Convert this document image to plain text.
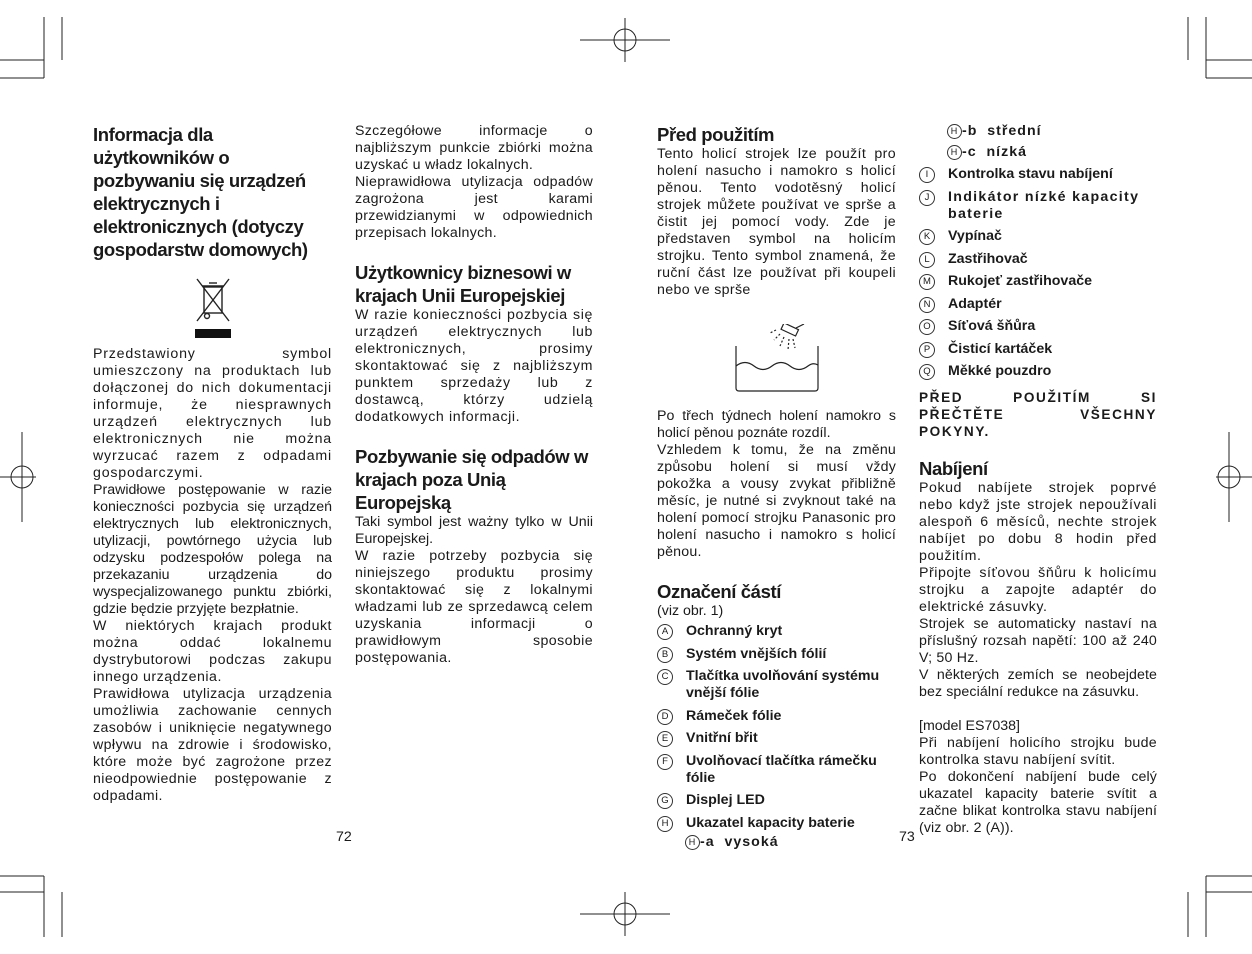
Informacja dla użytkowników o pozbywaniu się urządzeń elektrycznych i elektronicznych (dotyczy gospodarstw domowych)

Przedstawiony symbol umieszczony na produktach lub dołączonej do nich dokumentacji informuje, że niesprawnych urządzeń elektrycznych lub elektronicznych nie można wyrzucać razem z odpadami gospodarczymi.

Prawidłowe postępowanie w razie konieczności pozbycia się urządzeń elektrycznych lub elektronicznych, utylizacji, powtórnego użycia lub odzysku podzespołów polega na przekazaniu urządzenia do wyspecjalizowanego punktu zbiórki, gdzie będzie przyjęte bezpłatnie.

W niektórych krajach produkt można oddać lokalnemu dystrybutorowi podczas zakupu innego urządzenia.

Prawidłowa utylizacja urządzenia umożliwia zachowanie cennych zasobów i uniknięcie negatywnego wpływu na zdrowie i środowisko, które może być zagrożone przez nieodpowiednie postępowanie z odpadami.

Szczegółowe informacje o najbliższym punkcie zbiórki można uzyskać u władz lokalnych.

Nieprawidłowa utylizacja odpadów zagrożona jest karami przewidzianymi w odpowiednich przepisach lokalnych.

Użytkownicy biznesowi w krajach Unii Europejskiej

W razie konieczności pozbycia się urządzeń elektrycznych lub elektronicznych, prosimy skontaktować się z najbliższym punktem sprzedaży lub z dostawcą, którzy udzielą dodatkowych informacji.

Pozbywanie się odpadów w krajach poza Unią Europejską

Taki symbol jest ważny tylko w Unii Europejskej.

W razie potrzeby pozbycia się niniejszego produktu prosimy skontaktować się z lokalnymi władzami lub ze sprzedawcą celem uzyskania informacji o prawidłowym sposobie postępowania.

72
Před použitím

Tento holicí strojek lze použít pro holení nasucho i namokro s holicí pěnou. Tento vodotěsný holicí strojek můžete používat ve sprše a čistit jej pomocí vody. Zde je představen symbol na holicím strojku. Tento symbol znamená, že ruční část lze používat při koupeli nebo ve sprše

Po třech týdnech holení namokro s holicí pěnou poznáte rozdíl.

Vzhledem k tomu, že na změnu způsobu holení si musí vždy pokožka a vousy zvykat přibližně měsíc, je nutné si zvyknout také na holení pomocí strojku Panasonic pro holení nasucho i namokro s holicí pěnou.

Označení částí

(viz obr. 1)

A	Ochranný kryt
B	Systém vnějších fólií
C	Tlačítka uvolňování systému vnější fólie
D	Rámeček fólie
E	Vnitřní břit
F	Uvolňovací tlačítka rámečku fólie
G	Displej LED
H	Ukazatel kapacity baterie
H -a  vysoká	73
H -b  střední
H -c  nízká
I	Kontrolka stavu nabíjení
J	Indikátor nízké kapacity baterie
K	Vypínač
L	Zastřihovač
M Rukojeť zastřihovače
N	Adaptér
O	Síťová šňůra
P	Čisticí kartáček
Q	Měkké pouzdro

PŘED POUŽITÍM SI PŘEČTĚTE VŠECHNY POKYNY.

Nabíjení

Pokud nabíjete strojek poprvé nebo když jste strojek nepoužívali alespoň 6 měsíců, nechte strojek nabíjet po dobu 8 hodin před použitím.

Připojte síťovou šňůru k holicímu strojku a zapojte adaptér do elektrické zásuvky.

Strojek se automaticky nastaví na příslušný rozsah napětí: 100 až 240 V; 50 Hz.

V některých zemích se neobejdete bez speciální redukce na zásuvku.

[model ES7038]

Při nabíjení holicího strojku bude kontrolka stavu nabíjení svítit.

Po dokončení nabíjení bude celý ukazatel kapacity baterie svítit a začne blikat kontrolka stavu nabíjení (viz obr. 2 (A)).
